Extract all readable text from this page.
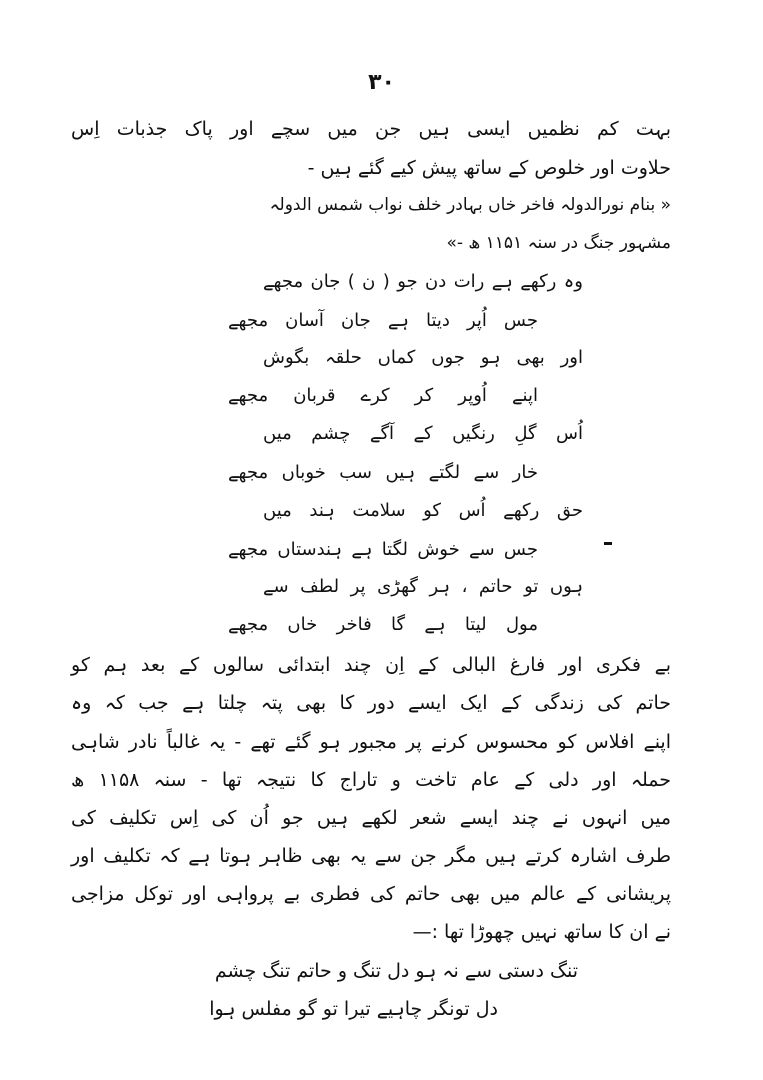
۳۰
بہت کم نظمیں ایسی ہیں جن میں سچے اور پاک جذبات اِس
حلاوت اور خلوص کے ساتھ پیش کیے گئے ہیں -
« بنام نورالدولہ فاخر خاں بہادر خلف نواب شمس الدولہ
مشہور جنگ در سنہ ۱۱۵۱ ھ -»
وہ رکھے ہے رات دن جو ( ن ) جان مجھے
جس اُپر دیتا ہے جان آسان مجھے
اور بھی ہو جوں کماں حلقہ بگوش
اپنے اُوپر کر کرے قربان مجھے
اُس گلِ رنگیں کے آگے چشم میں
خار سے لگتے ہیں سب خوباں مجھے
حق رکھے اُس کو سلامت ہند میں
جس سے خوش لگتا ہے ہندستاں مجھے
ہوں تو حاتم ، ہر گھڑی پر لطف سے
مول لیتا ہے گا فاخر خاں مجھے
بے فکری اور فارغ البالی کے اِن چند ابتدائی سالوں کے بعد ہم کو
حاتم کی زندگی کے ایک ایسے دور کا بھی پتہ چلتا ہے جب کہ وہ
اپنے افلاس کو محسوس کرنے پر مجبور ہو گئے تھے - یہ غالباً نادر شاہی
حملہ اور دلی کے عام تاخت و تاراج کا نتیجہ تھا - سنہ ۱۱۵۸ ھ
میں انہوں نے چند ایسے شعر لکھے ہیں جو اُن کی اِس تکلیف کی
طرف اشارہ کرتے ہیں مگر جن سے یہ بھی ظاہر ہوتا ہے کہ تکلیف اور
پریشانی کے عالم میں بھی حاتم کی فطری بے پرواہی اور توکل مزاجی
نے ان کا ساتھ نہیں چھوڑا تھا :—
تنگ دستی سے نہ ہو دل تنگ و حاتم تنگ چشم
دل تونگر چاہیے تیرا تو گو مفلس ہوا
